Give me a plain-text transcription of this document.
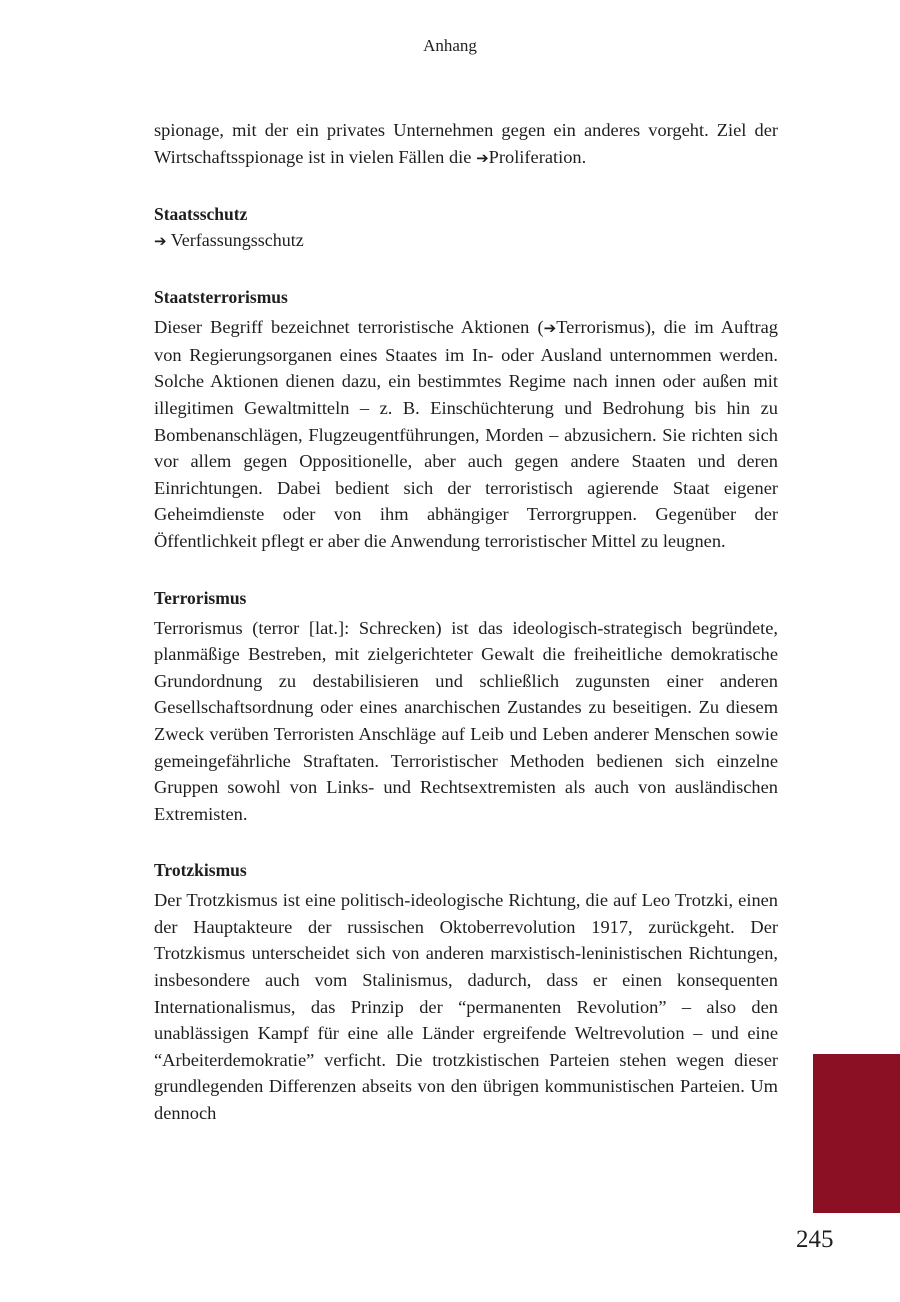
Anhang

spionage, mit der ein privates Unternehmen gegen ein anderes vorgeht. Ziel der Wirtschaftsspionage ist in vielen Fällen die ➔Proliferation.

Staatsschutz

➔ Verfassungsschutz

Staatsterrorismus

Dieser Begriff bezeichnet terroristische Aktionen (➔Terrorismus), die im Auftrag von Regierungsorganen eines Staates im In- oder Ausland unternommen werden. Solche Aktionen dienen dazu, ein bestimmtes Regime nach innen oder außen mit illegitimen Gewaltmitteln – z. B. Einschüchterung und Bedrohung bis hin zu Bombenanschlägen, Flugzeugentführungen, Morden – abzusichern. Sie richten sich vor allem gegen Oppositionelle, aber auch gegen andere Staaten und deren Einrichtungen. Dabei bedient sich der terroristisch agierende Staat eigener Geheimdienste oder von ihm abhängiger Terrorgruppen. Gegenüber der Öffentlichkeit pflegt er aber die Anwendung terroristischer Mittel zu leugnen.

Terrorismus

Terrorismus (terror [lat.]: Schrecken) ist das ideologisch-strategisch begründete, planmäßige Bestreben, mit zielgerichteter Gewalt die freiheitliche demokratische Grundordnung zu destabilisieren und schließlich zugunsten einer anderen Gesellschaftsordnung oder eines anarchischen Zustandes zu beseitigen. Zu diesem Zweck verüben Terroristen Anschläge auf Leib und Leben anderer Menschen sowie gemeingefährliche Straftaten. Terroristischer Methoden bedienen sich einzelne Gruppen sowohl von Links- und Rechtsextremisten als auch von ausländischen Extremisten.

Trotzkismus

Der Trotzkismus ist eine politisch-ideologische Richtung, die auf Leo Trotzki, einen der Hauptakteure der russischen Oktoberrevolution 1917, zurückgeht. Der Trotzkismus unterscheidet sich von anderen marxistisch-leninistischen Richtungen, insbesondere auch vom Stalinismus, dadurch, dass er einen konsequenten Internationalismus, das Prinzip der “permanenten Revolution” – also den unablässigen Kampf für eine alle Länder ergreifende Weltrevolution – und eine “Arbeiterdemokratie” verficht. Die trotzkistischen Parteien stehen wegen dieser grundlegenden Differenzen abseits von den übrigen kommunistischen Parteien. Um dennoch

245
